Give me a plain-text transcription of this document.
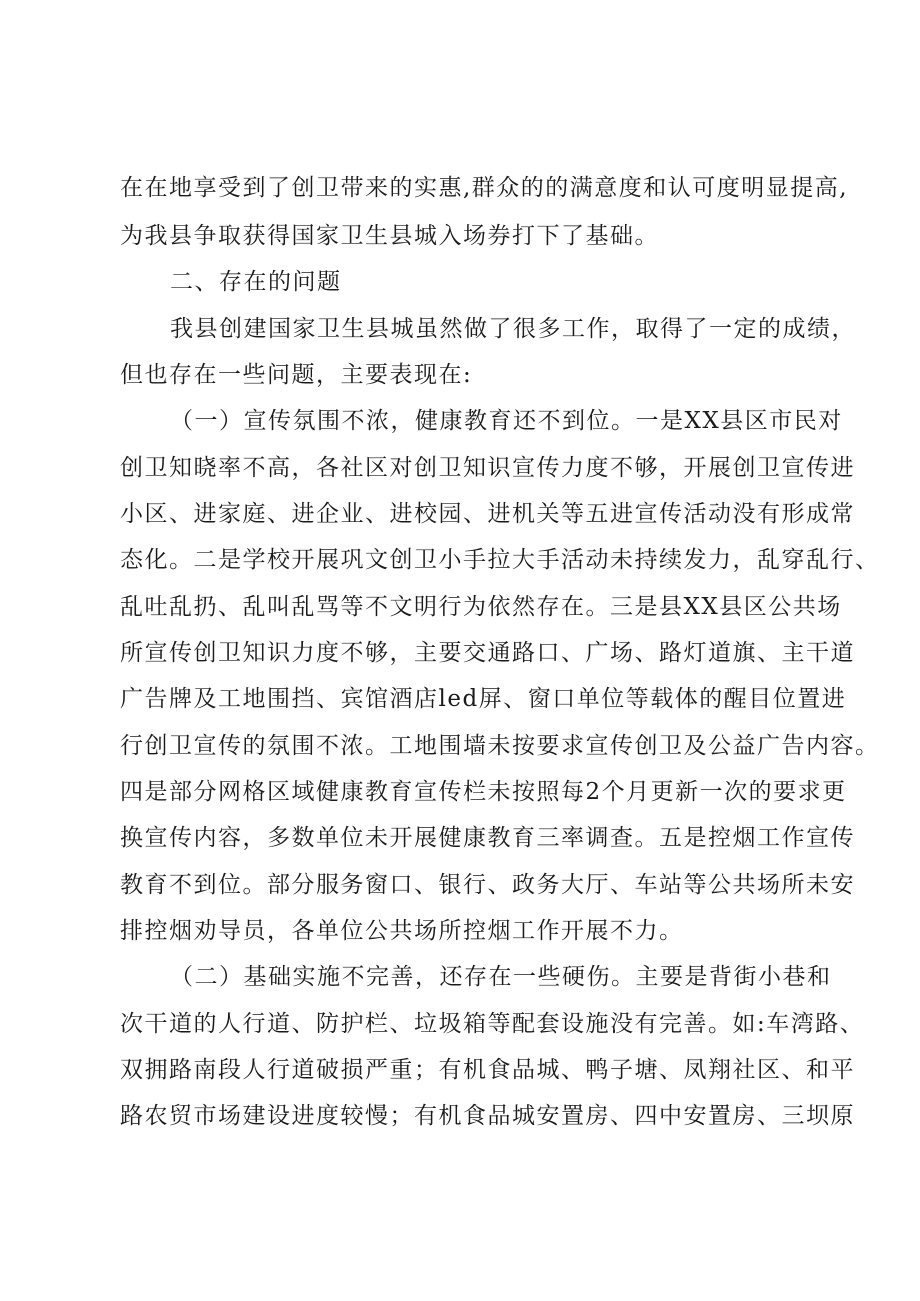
在在地享受到了创卫带来的实惠,群众的的满意度和认可度明显提高,
为我县争取获得国家卫生县城入场券打下了基础。
二、存在的问题
我县创建国家卫生县城虽然做了很多工作，取得了一定的成绩，
但也存在一些问题，主要表现在:
（一）宣传氛围不浓，健康教育还不到位。一是XX县区市民对
创卫知晓率不高，各社区对创卫知识宣传力度不够，开展创卫宣传进
小区、进家庭、进企业、进校园、进机关等五进宣传活动没有形成常
态化。二是学校开展巩文创卫小手拉大手活动未持续发力，乱穿乱行、
乱吐乱扔、乱叫乱骂等不文明行为依然存在。三是县XX县区公共场
所宣传创卫知识力度不够，主要交通路口、广场、路灯道旗、主干道
广告牌及工地围挡、宾馆酒店led屏、窗口单位等载体的醒目位置进
行创卫宣传的氛围不浓。工地围墙未按要求宣传创卫及公益广告内容。
四是部分网格区域健康教育宣传栏未按照每2个月更新一次的要求更
换宣传内容，多数单位未开展健康教育三率调查。五是控烟工作宣传
教育不到位。部分服务窗口、银行、政务大厅、车站等公共场所未安
排控烟劝导员，各单位公共场所控烟工作开展不力。
（二）基础实施不完善，还存在一些硬伤。主要是背街小巷和
次干道的人行道、防护栏、垃圾箱等配套设施没有完善。如:车湾路、
双拥路南段人行道破损严重；有机食品城、鸭子塘、凤翔社区、和平
路农贸市场建设进度较慢；有机食品城安置房、四中安置房、三坝原
